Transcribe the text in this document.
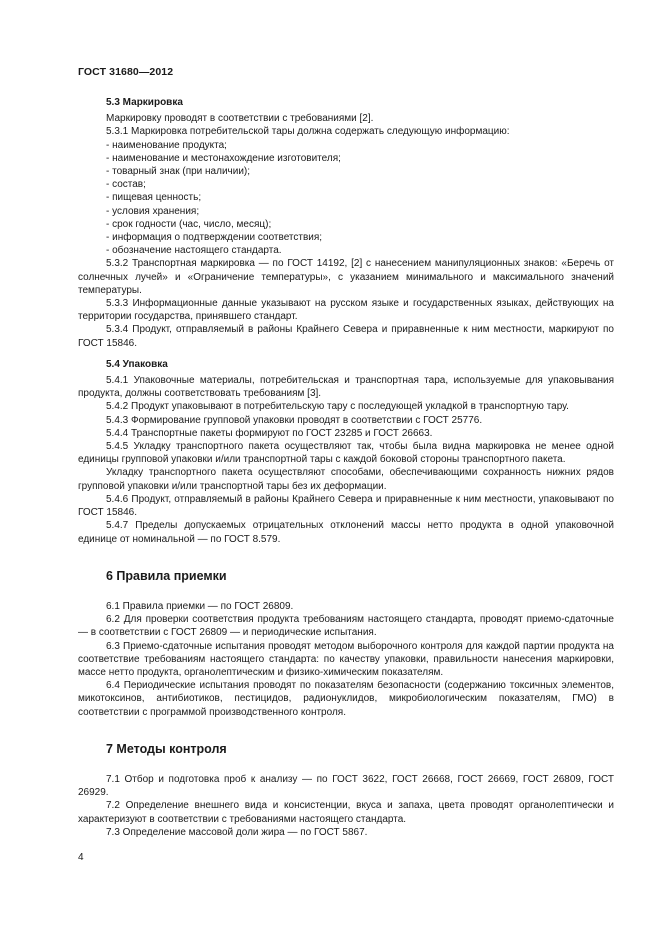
ГОСТ 31680—2012
5.3 Маркировка
Маркировку проводят в соответствии с требованиями [2].
5.3.1 Маркировка потребительской тары должна содержать следующую информацию:
- наименование продукта;
- наименование и местонахождение изготовителя;
- товарный знак (при наличии);
- состав;
- пищевая ценность;
- условия хранения;
- срок годности (час, число, месяц);
- информация о подтверждении соответствия;
- обозначение настоящего стандарта.
5.3.2 Транспортная маркировка — по ГОСТ 14192, [2] с нанесением манипуляционных знаков: «Беречь от солнечных лучей» и «Ограничение температуры», с указанием минимального и максимального значений температуры.
5.3.3 Информационные данные указывают на русском языке и государственных языках, действующих на территории государства, принявшего стандарт.
5.3.4 Продукт, отправляемый в районы Крайнего Севера и приравненные к ним местности, маркируют по ГОСТ 15846.
5.4 Упаковка
5.4.1 Упаковочные материалы, потребительская и транспортная тара, используемые для упаковывания продукта, должны соответствовать требованиям [3].
5.4.2 Продукт упаковывают в потребительскую тару с последующей укладкой в транспортную тару.
5.4.3 Формирование групповой упаковки проводят в соответствии с ГОСТ 25776.
5.4.4 Транспортные пакеты формируют по ГОСТ 23285 и ГОСТ 26663.
5.4.5 Укладку транспортного пакета осуществляют так, чтобы была видна маркировка не менее одной единицы групповой упаковки и/или транспортной тары с каждой боковой стороны транспортного пакета.
Укладку транспортного пакета осуществляют способами, обеспечивающими сохранность нижних рядов групповой упаковки и/или транспортной тары без их деформации.
5.4.6 Продукт, отправляемый в районы Крайнего Севера и приравненные к ним местности, упаковывают по ГОСТ 15846.
5.4.7 Пределы допускаемых отрицательных отклонений массы нетто продукта в одной упаковочной единице от номинальной — по ГОСТ 8.579.
6 Правила приемки
6.1 Правила приемки — по ГОСТ 26809.
6.2 Для проверки соответствия продукта требованиям настоящего стандарта, проводят приемо-сдаточные — в соответствии с ГОСТ 26809 — и периодические испытания.
6.3 Приемо-сдаточные испытания проводят методом выборочного контроля для каждой партии продукта на соответствие требованиям настоящего стандарта: по качеству упаковки, правильности нанесения маркировки, массе нетто продукта, органолептическим и физико-химическим показателям.
6.4 Периодические испытания проводят по показателям безопасности (содержанию токсичных элементов, микотоксинов, антибиотиков, пестицидов, радионуклидов, микробиологическим показателям, ГМО) в соответствии с программой производственного контроля.
7 Методы контроля
7.1 Отбор и подготовка проб к анализу — по ГОСТ 3622, ГОСТ 26668, ГОСТ 26669, ГОСТ 26809, ГОСТ 26929.
7.2 Определение внешнего вида и консистенции, вкуса и запаха, цвета проводят органолептически и характеризуют в соответствии с требованиями настоящего стандарта.
7.3 Определение массовой доли жира — по ГОСТ 5867.
4
